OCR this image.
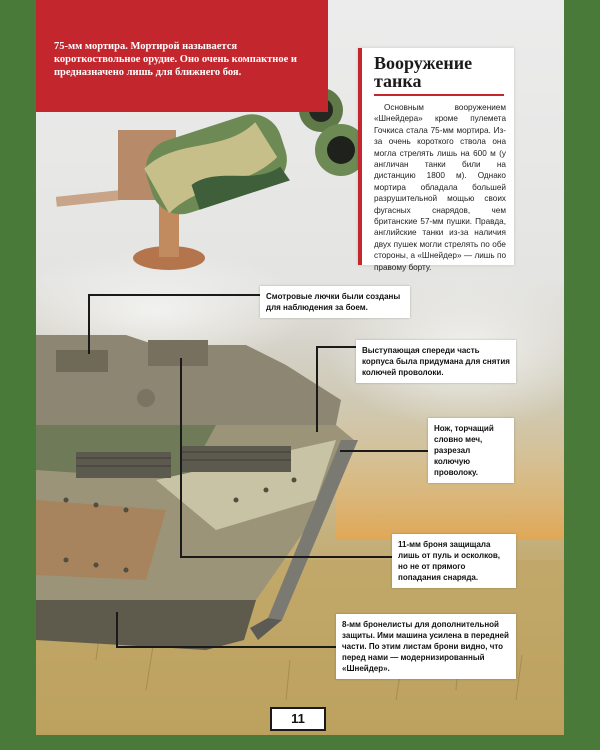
75-мм мортира. Мортирой называется короткоствольное орудие. Оно очень компактное и предназначено лишь для ближнего боя.	Вооружение
танка

Основным вооружением «Шнейдера» кроме пулемета Гочкиса стала 75-мм мортира. Из-за очень короткого ствола она могла стрелять лишь на 600 м (у англичан танки били на дистанцию 1800 м). Однако мортира обладала большей разрушительной мощью своих фугасных снарядов, чем британские 57-мм пушки. Правда, английские танки из-за наличия двух пушек могли стрелять по обе стороны, а «Шнейдер» — лишь по правому борту.

Смотровые лючки были созданы для наблюдения за боем.
Выступающая спереди часть корпуса была придумана для снятия колючей проволоки.
Нож, торчащий словно меч, разрезал колючую проволоку.
11-мм броня защищала лишь от пуль и осколков, но не от прямого попадания снаряда.
8-мм бронелисты для дополнительной защиты. Ими машина усилена в передней части. По этим листам брони видно, что перед нами — модернизированный «Шнейдер».
11
